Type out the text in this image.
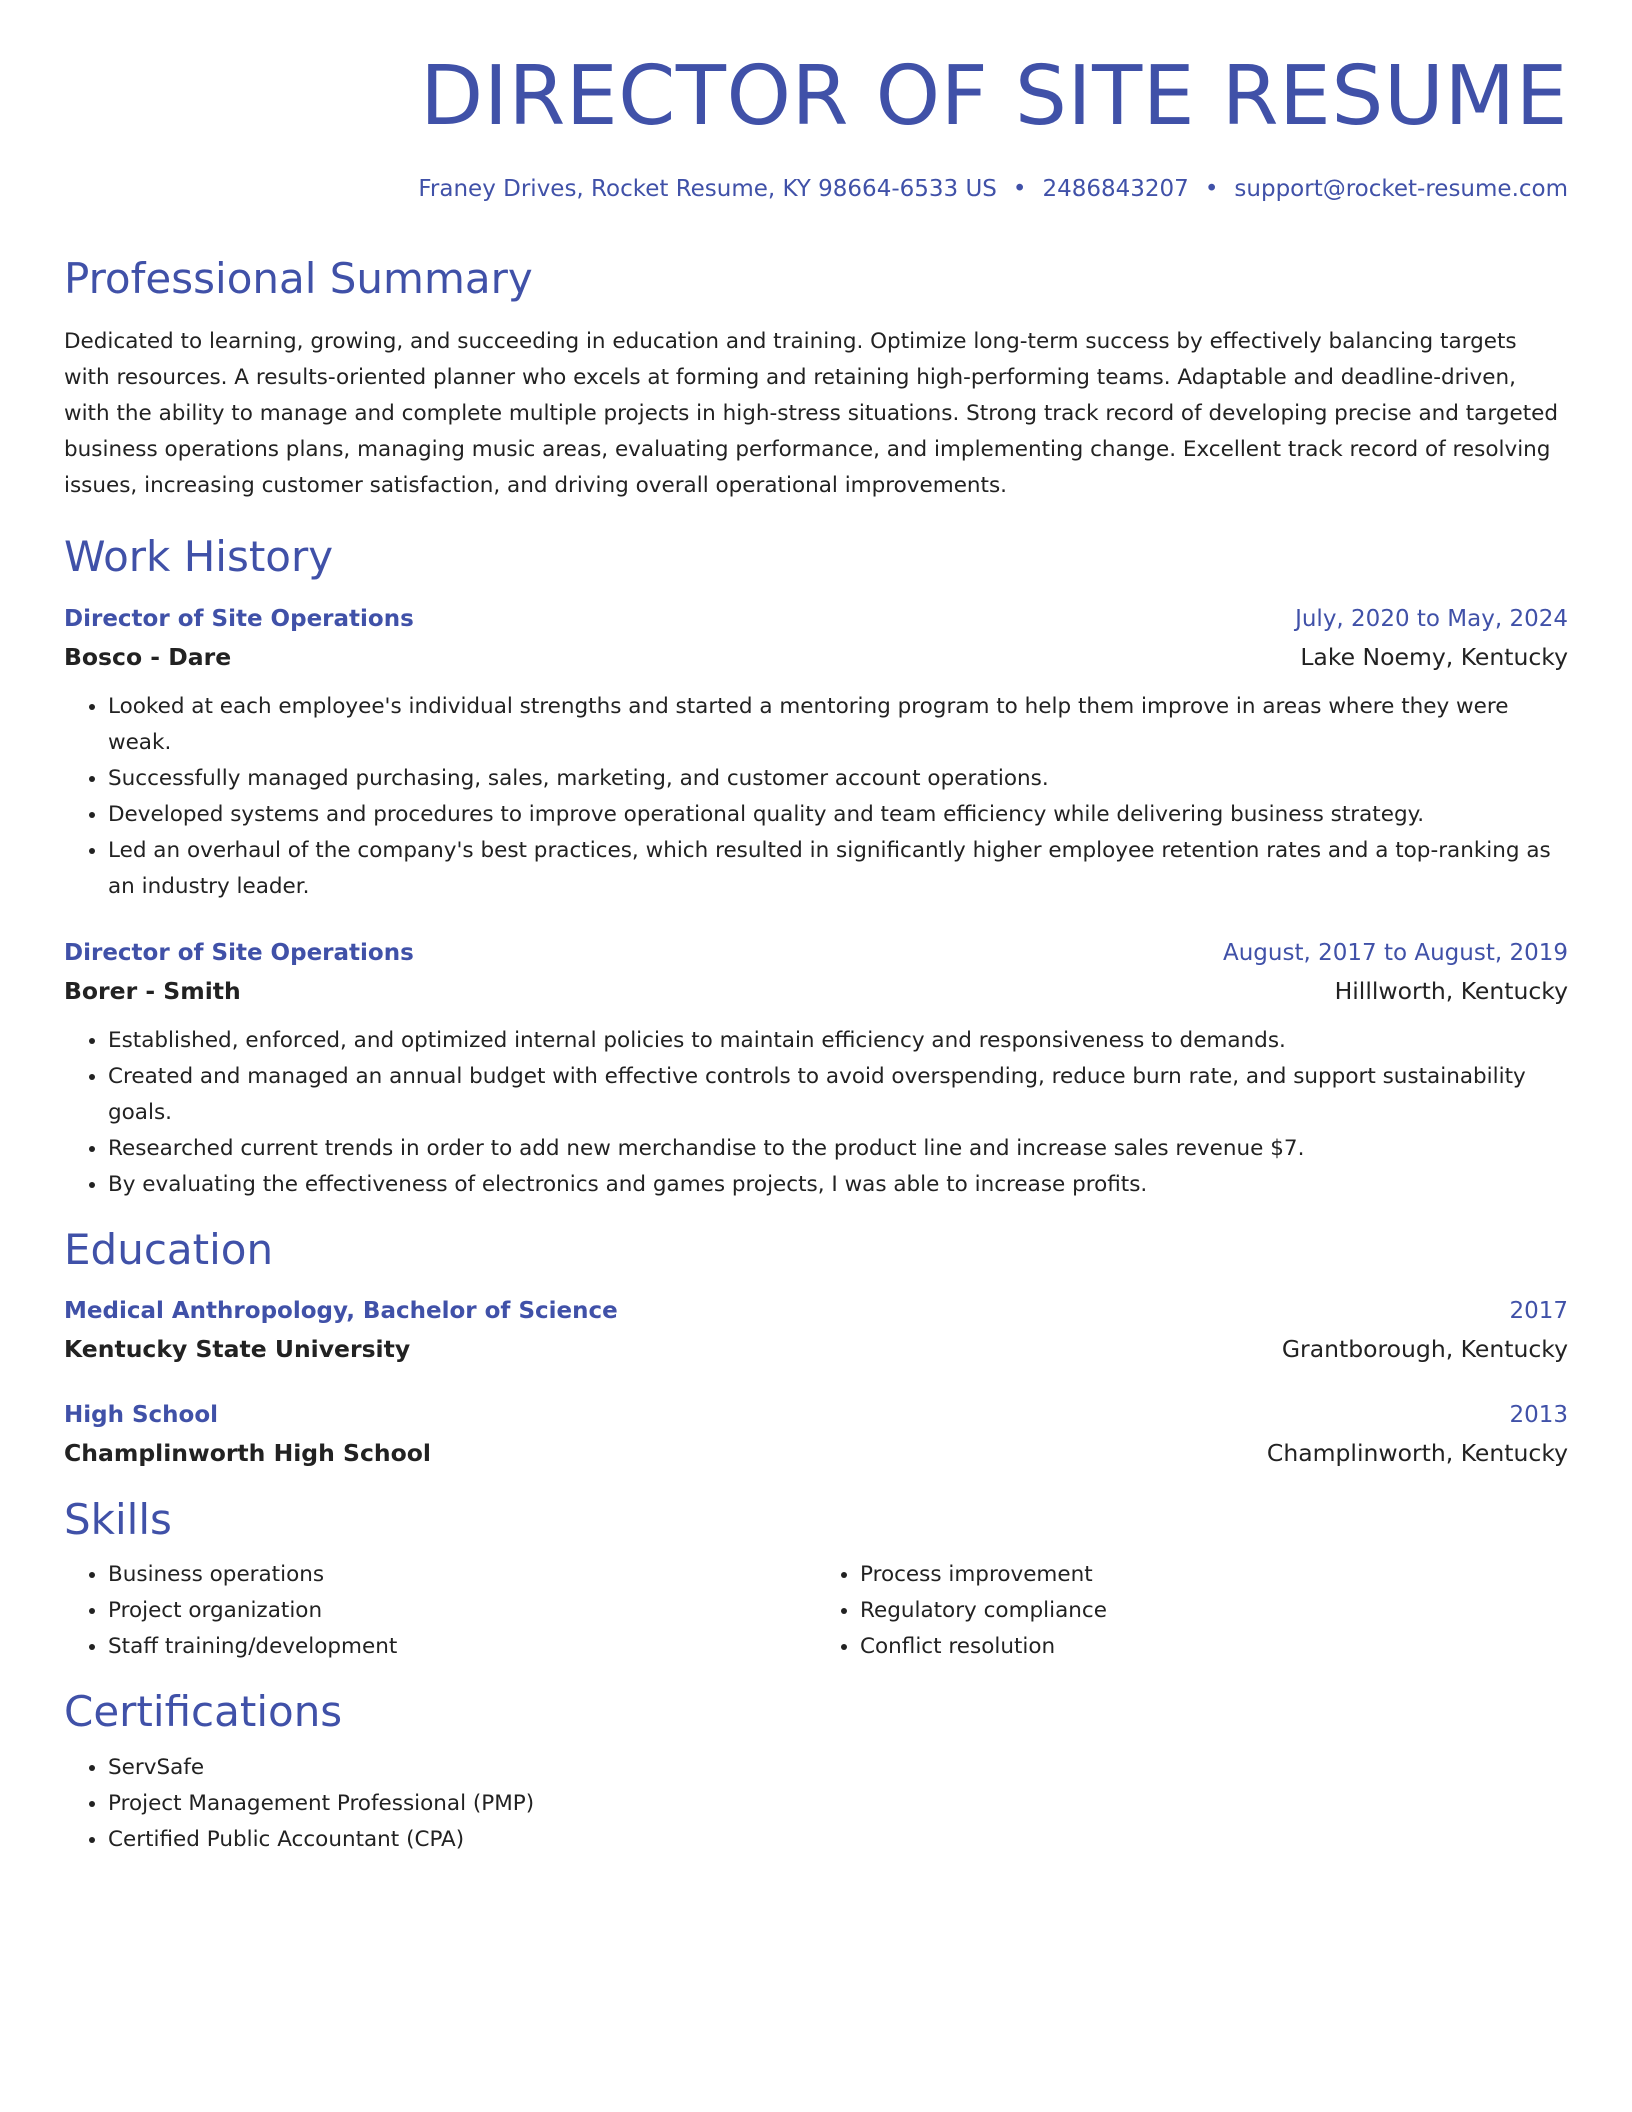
DIRECTOR OF SITE RESUME
Franey Drives, Rocket Resume, KY 98664-6533 US • 2486843207 • support@rocket-resume.com
Professional Summary
Dedicated to learning, growing, and succeeding in education and training. Optimize long-term success by effectively balancing targets with resources. A results-oriented planner who excels at forming and retaining high-performing teams. Adaptable and deadline-driven, with the ability to manage and complete multiple projects in high-stress situations. Strong track record of developing precise and targeted business operations plans, managing music areas, evaluating performance, and implementing change. Excellent track record of resolving issues, increasing customer satisfaction, and driving overall operational improvements.
Work History
Director of Site Operations	July, 2020 to May, 2024
Bosco - Dare	Lake Noemy, Kentucky
• Looked at each employee's individual strengths and started a mentoring program to help them improve in areas where they were weak.
• Successfully managed purchasing, sales, marketing, and customer account operations.
• Developed systems and procedures to improve operational quality and team efficiency while delivering business strategy.
• Led an overhaul of the company's best practices, which resulted in significantly higher employee retention rates and a top-ranking as an industry leader.
Director of Site Operations	August, 2017 to August, 2019
Borer - Smith	Hilllworth, Kentucky
• Established, enforced, and optimized internal policies to maintain efficiency and responsiveness to demands.
• Created and managed an annual budget with effective controls to avoid overspending, reduce burn rate, and support sustainability goals.
• Researched current trends in order to add new merchandise to the product line and increase sales revenue $7.
• By evaluating the effectiveness of electronics and games projects, I was able to increase profits.
Education
Medical Anthropology, Bachelor of Science	2017
Kentucky State University	Grantborough, Kentucky
High School	2013
Champlinworth High School	Champlinworth, Kentucky
Skills
• Business operations
• Project organization
• Staff training/development
• Process improvement
• Regulatory compliance
• Conflict resolution
Certifications
• ServSafe
• Project Management Professional (PMP)
• Certified Public Accountant (CPA)
